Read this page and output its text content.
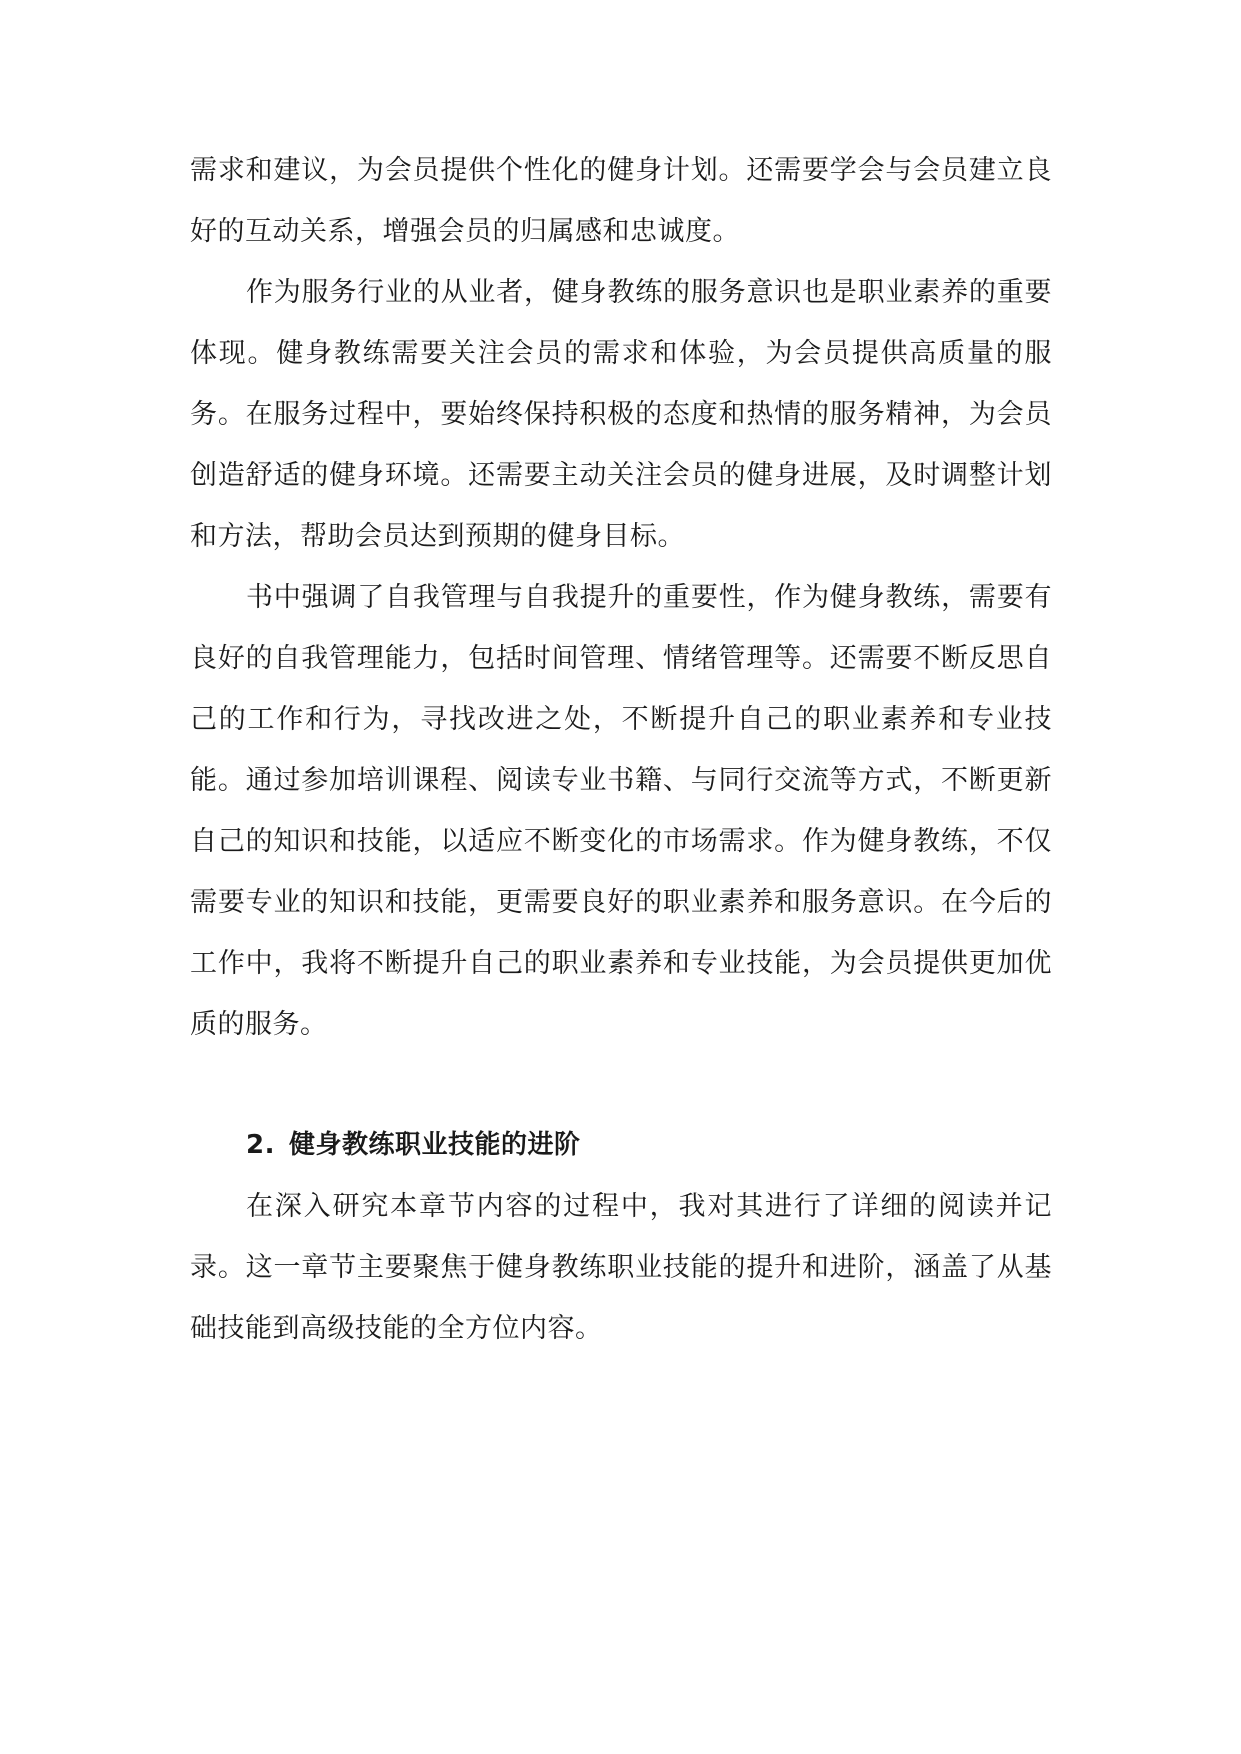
需求和建议，为会员提供个性化的健身计划。还需要学会与会员建立良好的互动关系，增强会员的归属感和忠诚度。

作为服务行业的从业者，健身教练的服务意识也是职业素养的重要体现。健身教练需要关注会员的需求和体验，为会员提供高质量的服务。在服务过程中，要始终保持积极的态度和热情的服务精神，为会员创造舒适的健身环境。还需要主动关注会员的健身进展，及时调整计划和方法，帮助会员达到预期的健身目标。

书中强调了自我管理与自我提升的重要性，作为健身教练，需要有良好的自我管理能力，包括时间管理、情绪管理等。还需要不断反思自己的工作和行为，寻找改进之处，不断提升自己的职业素养和专业技能。通过参加培训课程、阅读专业书籍、与同行交流等方式，不断更新自己的知识和技能，以适应不断变化的市场需求。作为健身教练，不仅需要专业的知识和技能，更需要良好的职业素养和服务意识。在今后的工作中，我将不断提升自己的职业素养和专业技能，为会员提供更加优质的服务。

2. 健身教练职业技能的进阶

在深入研究本章节内容的过程中，我对其进行了详细的阅读并记录。这一章节主要聚焦于健身教练职业技能的提升和进阶，涵盖了从基础技能到高级技能的全方位内容。
